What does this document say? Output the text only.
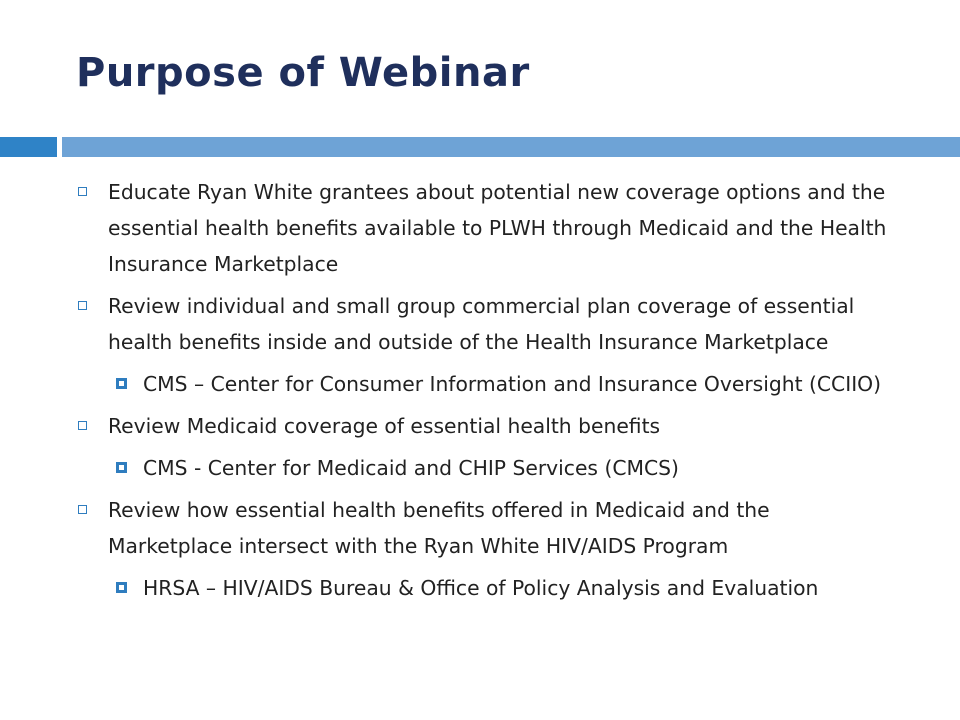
Purpose of Webinar
Educate Ryan White grantees about potential new coverage options and the essential health benefits available to PLWH through Medicaid and the Health Insurance Marketplace
Review individual and small group commercial plan coverage of essential health benefits inside and outside of the Health Insurance Marketplace
CMS – Center for Consumer Information and Insurance Oversight (CCIIO)
Review Medicaid coverage of essential health benefits
CMS - Center for Medicaid and CHIP Services (CMCS)
Review how essential health benefits offered in Medicaid and the Marketplace intersect with the Ryan White HIV/AIDS Program
HRSA – HIV/AIDS Bureau & Office of Policy Analysis and Evaluation
